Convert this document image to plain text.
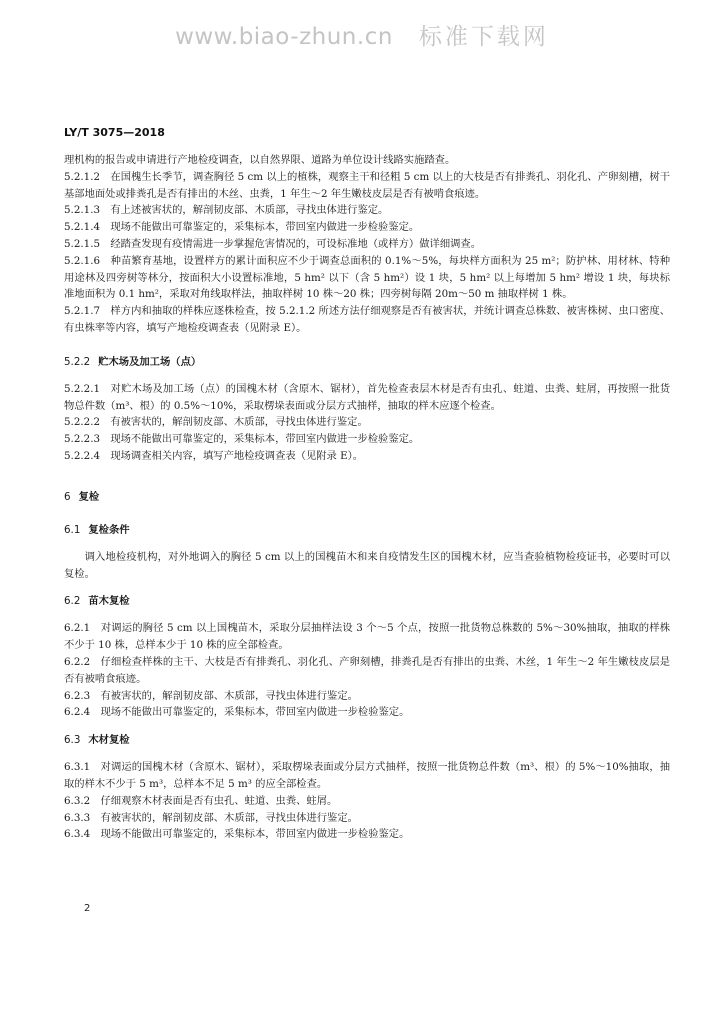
www.biao-zhun.cn 标准下载网
LY/T 3075—2018

理机构的报告或申请进行产地检疫调查，以自然界限、道路为单位设计线路实施踏查。

5.2.1.2　在国槐生长季节，调查胸径 5 cm 以上的植株，观察主干和径粗 5 cm 以上的大枝是否有排粪孔、羽化孔、产卵刻槽，树干基部地面处或排粪孔是否有排出的木丝、虫粪，1 年生～2 年生嫩枝皮层是否有被啃食痕迹。

5.2.1.3　有上述被害状的，解剖韧皮部、木质部，寻找虫体进行鉴定。

5.2.1.4　现场不能做出可靠鉴定的，采集标本，带回室内做进一步检验鉴定。

5.2.1.5　经踏查发现有疫情需进一步掌握危害情况的，可设标准地（或样方）做详细调查。

5.2.1.6　种苗繁育基地，设置样方的累计面积应不少于调查总面积的 0.1%～5%，每块样方面积为 25 m²；防护林、用材林、特种用途林及四旁树等林分，按面积大小设置标准地，5 hm² 以下（含 5 hm²）设 1 块，5 hm² 以上每增加 5 hm² 增设 1 块，每块标准地面积为 0.1 hm²，采取对角线取样法，抽取样树 10 株～20 株；四旁树每隔 20m～50 m 抽取样树 1 株。

5.2.1.7　样方内和抽取的样株应逐株检查，按 5.2.1.2 所述方法仔细观察是否有被害状，并统计调查总株数、被害株树、虫口密度、有虫株率等内容，填写产地检疫调查表（见附录 E）。

5.2.2 贮木场及加工场（点）

5.2.2.1　对贮木场及加工场（点）的国槐木材（含原木、锯材），首先检查表层木材是否有虫孔、蛀道、虫粪、蛀屑，再按照一批货物总件数（m³、根）的 0.5%～10%，采取楞垛表面或分层方式抽样，抽取的样木应逐个检查。

5.2.2.2　有被害状的，解剖韧皮部、木质部，寻找虫体进行鉴定。

5.2.2.3　现场不能做出可靠鉴定的，采集标本，带回室内做进一步检验鉴定。

5.2.2.4　现场调查相关内容，填写产地检疫调查表（见附录 E）。

6 复检

6.1 复检条件

调入地检疫机构，对外地调入的胸径 5 cm 以上的国槐苗木和来自疫情发生区的国槐木材，应当查验植物检疫证书，必要时可以复检。

6.2 苗木复检

6.2.1　对调运的胸径 5 cm 以上国槐苗木，采取分层抽样法设 3 个～5 个点，按照一批货物总株数的 5%～30%抽取，抽取的样株不少于 10 株，总样本少于 10 株的应全部检查。

6.2.2　仔细检查样株的主干、大枝是否有排粪孔、羽化孔、产卵刻槽，排粪孔是否有排出的虫粪、木丝，1 年生～2 年生嫩枝皮层是否有被啃食痕迹。

6.2.3　有被害状的，解剖韧皮部、木质部，寻找虫体进行鉴定。

6.2.4　现场不能做出可靠鉴定的，采集标本，带回室内做进一步检验鉴定。

6.3 木材复检

6.3.1　对调运的国槐木材（含原木、锯材），采取楞垛表面或分层方式抽样，按照一批货物总件数（m³、根）的 5%～10%抽取，抽取的样木不少于 5 m³，总样本不足 5 m³ 的应全部检查。

6.3.2　仔细观察木材表面是否有虫孔、蛀道、虫粪、蛀屑。

6.3.3　有被害状的，解剖韧皮部、木质部，寻找虫体进行鉴定。

6.3.4　现场不能做出可靠鉴定的，采集标本，带回室内做进一步检验鉴定。

2
